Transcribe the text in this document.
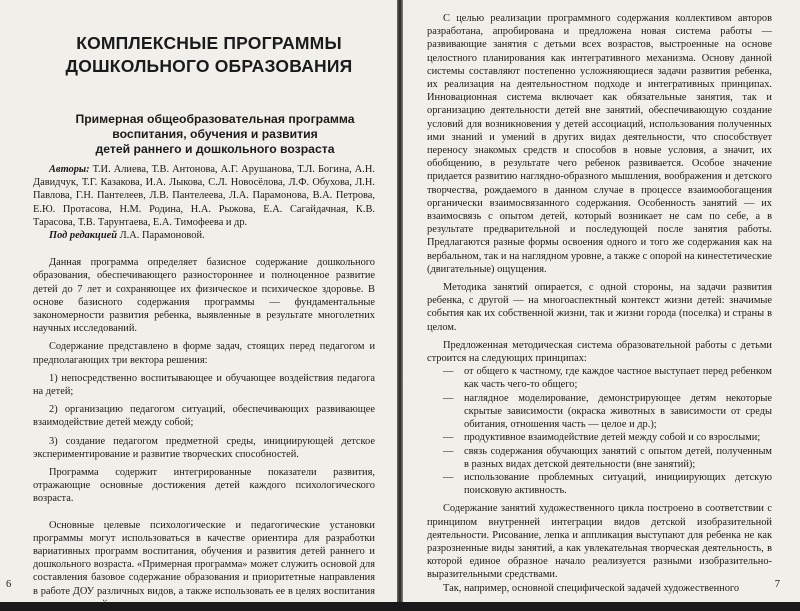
КОМПЛЕКСНЫЕ ПРОГРАММЫ
ДОШКОЛЬНОГО ОБРАЗОВАНИЯ
Примерная общеобразовательная программа
воспитания, обучения и развития
детей раннего и дошкольного возраста

Авторы: Т.И. Алиева, Т.В. Антонова, А.Г. Арушанова, Т.Л. Богина, А.Н. Давидчук, Т.Г. Казакова, И.А. Лыкова, С.Л. Новосёлова, Л.Ф. Обухова, Л.Н. Павлова, Г.Н. Пантелеев, Л.В. Пантелеева, Л.А. Парамонова, В.А. Петрова, Е.Ю. Протасова, Н.М. Родина, Н.А. Рыжова, Е.А. Сагайдачная, К.В. Тарасова, Т.В. Тарунтаева, Е.А. Тимофеева и др.

Под редакцией Л.А. Парамоновой.

Данная программа определяет базисное содержание дошкольного образования, обеспечивающего разностороннее и полноценное развитие детей до 7 лет и сохраняющее их физическое и психическое здоровье. В основе базисного содержания программы — фундаментальные закономерности развития ребенка, выявленные в результате многолетних научных исследований.

Содержание представлено в форме задач, стоящих перед педагогом и предполагающих три вектора решения:

1) непосредственно воспитывающее и обучающее воздействия педагога на детей;

2) организацию педагогом ситуаций, обеспечивающих развивающее взаимодействие детей между собой;

3) создание педагогом предметной среды, инициирующей детское экспериментирование и развитие творческих способностей.

Программа содержит интегрированные показатели развития, отражающие основные достижения детей каждого психологического возраста.

Основные целевые психологические и педагогические установки программы могут использоваться в качестве ориентира для разработки вариативных программ воспитания, обучения и развития детей раннего и дошкольного возраста. «Примерная программа» может служить основой для составления базовое содержание образования и приоритетные направления в работе ДОУ различных видов, а также использовать ее в целях воспитания и развития детей в семье.

6

С целью реализации программного содержания коллективом авторов разработана, апробирована и предложена новая система работы — развивающие занятия с детьми всех возрастов, выстроенные на основе целостного планирования как интегративного механизма. Основу данной системы составляют постепенно усложняющиеся задачи развития ребенка, их реализация на деятельностном подходе и интегративных принципах. Инновационная система включает как обязательные занятия, так и организацию деятельности детей вне занятий, обеспечивающую создание условий для возникновения у детей ассоциаций, использования полученных ими знаний и умений в других видах деятельности, что способствует переносу знакомых средств и способов в новые условия, а значит, их обобщению, в результате чего ребенок развивается. Особое значение придается развитию наглядно-образного мышления, воображения и детского творчества, рождаемого в данном случае в процессе взаимообогащения органически взаимосвязанного содержания. Особенность занятий — их взаимосвязь с опытом детей, который возникает не сам по себе, а в результате предварительной и последующей после занятия работы. Предлагаются разные формы освоения одного и того же содержания как на вербальном, так и на наглядном уровне, а также с опорой на кинестетические (двигательные) ощущения.

Методика занятий опирается, с одной стороны, на задачи развития ребенка, с другой — на многоаспектный контекст жизни детей: значимые события как их собственной жизни, так и жизни города (поселка) и страны в целом.

Предложенная методическая система образовательной работы с детьми строится на следующих принципах:

— от общего к частному, где каждое частное выступает перед ребенком как часть чего-то общего;
— наглядное моделирование, демонстрирующее детям некоторые скрытые зависимости (окраска животных в зависимости от среды обитания, отношения часть — целое и др.);
— продуктивное взаимодействие детей между собой и со взрослыми;
— связь содержания обучающих занятий с опытом детей, полученным в разных видах детской деятельности (вне занятий);
— использование проблемных ситуаций, инициирующих детскую поисковую активность.

Содержание занятий художественного цикла построено в соответствии с принципом внутренней интеграции видов детской изобразительной деятельности. Рисование, лепка и аппликация выступают для ребенка не как разрозненные виды занятий, а как увлекательная творческая деятельность, в которой единое образное начало реализуется разными изобразительно-выразительными средствами.

Так, например, основной специфической задачей художественного	7
